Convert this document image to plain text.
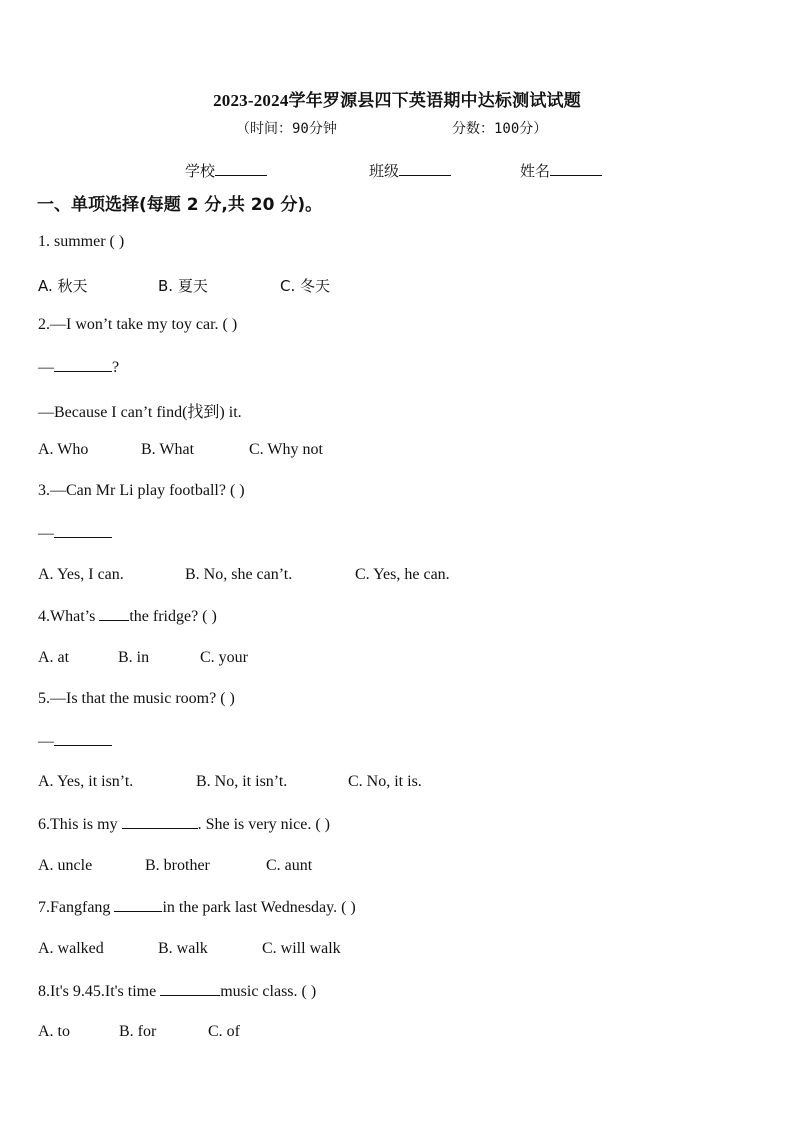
2023-2024学年罗源县四下英语期中达标测试试题
（时间：90分钟	分数：100分）
学校	班级	姓名
一、单项选择(每题 2 分,共 20 分)。
1. summer ( )
A. 秋天	B. 夏天	C. 冬天
2.—I won’t take my toy car. ( )
—	?
—Because I can’t find(找到) it.
A. Who	B. What	C. Why not
3.—Can Mr Li play football? ( )
—
A. Yes, I can.	B. No, she can’t.	C. Yes, he can.
4.What’s the fridge? ( )
A. at	B. in	C. your
5.—Is that the music room? ( )
—
A. Yes, it isn’t.	B. No, it isn’t.	C. No, it is.
6.This is my	. She is very nice. ( )
A. uncle	B. brother	C. aunt
7.Fangfang	in the park last Wednesday. ( )
A. walked	B. walk	C. will walk
8.It's 9.45.It's time	music class. ( )
A. to	B. for	C. of
